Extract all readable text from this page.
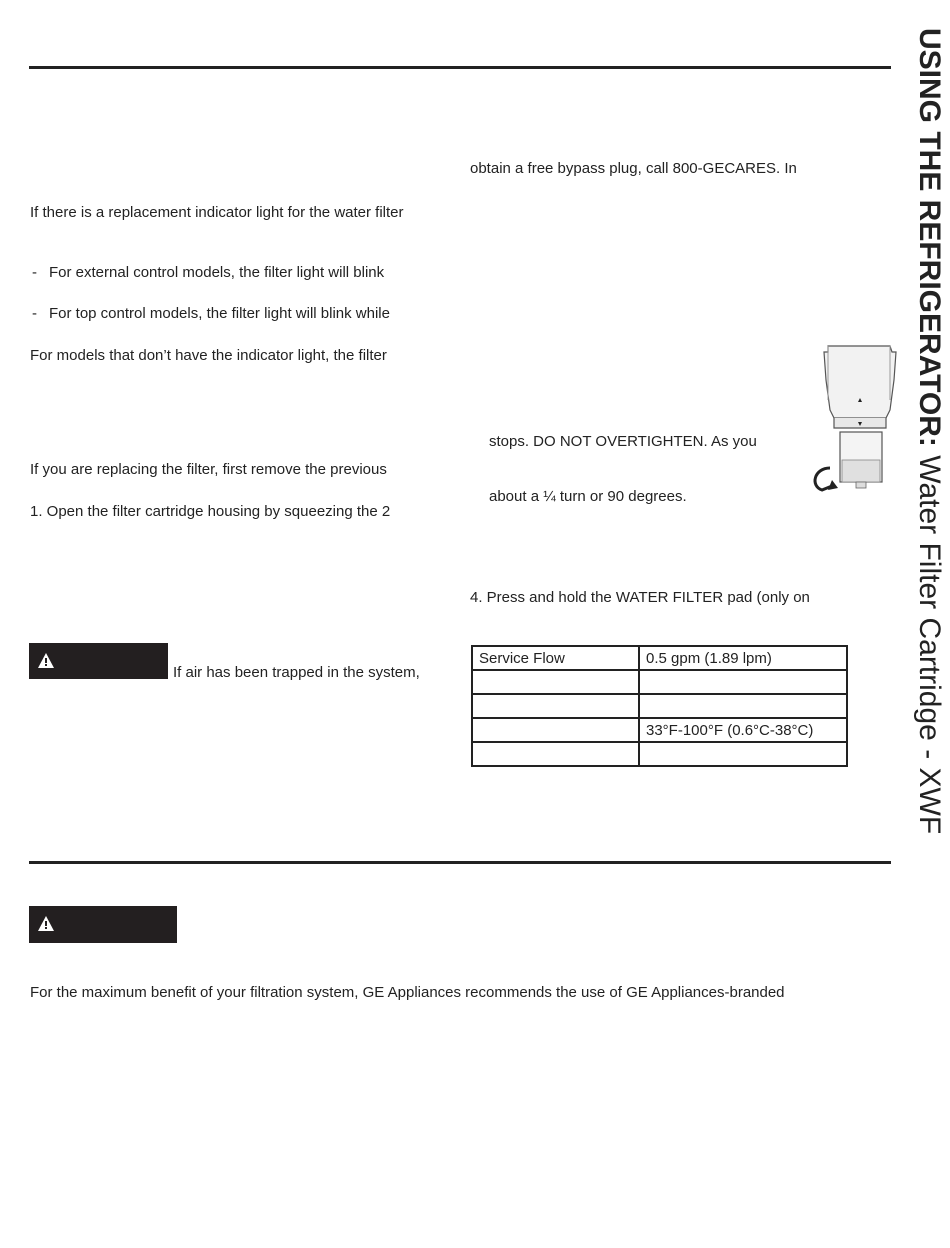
USING THE REFRIGERATOR: Water Filter Cartridge - XWF
If there is a replacement indicator light for the water filter
- For external control models, the filter light will blink
- For top control models, the filter light will blink while
For models that don’t have the indicator light, the filter
If you are replacing the filter, first remove the previous
1. Open the filter cartridge housing by squeezing the 2
If air has been trapped in the system,
obtain a free bypass plug, call 800-GECARES. In
stops. DO NOT OVERTIGHTEN. As you
about a ¼ turn or 90 degrees.
4. Press and hold the WATER FILTER pad (only on
Service Flow	0.5 gpm (1.89 lpm)

	33°F-100°F (0.6°C-38°C)

For the maximum benefit of your filtration system, GE Appliances recommends the use of GE Appliances-branded
